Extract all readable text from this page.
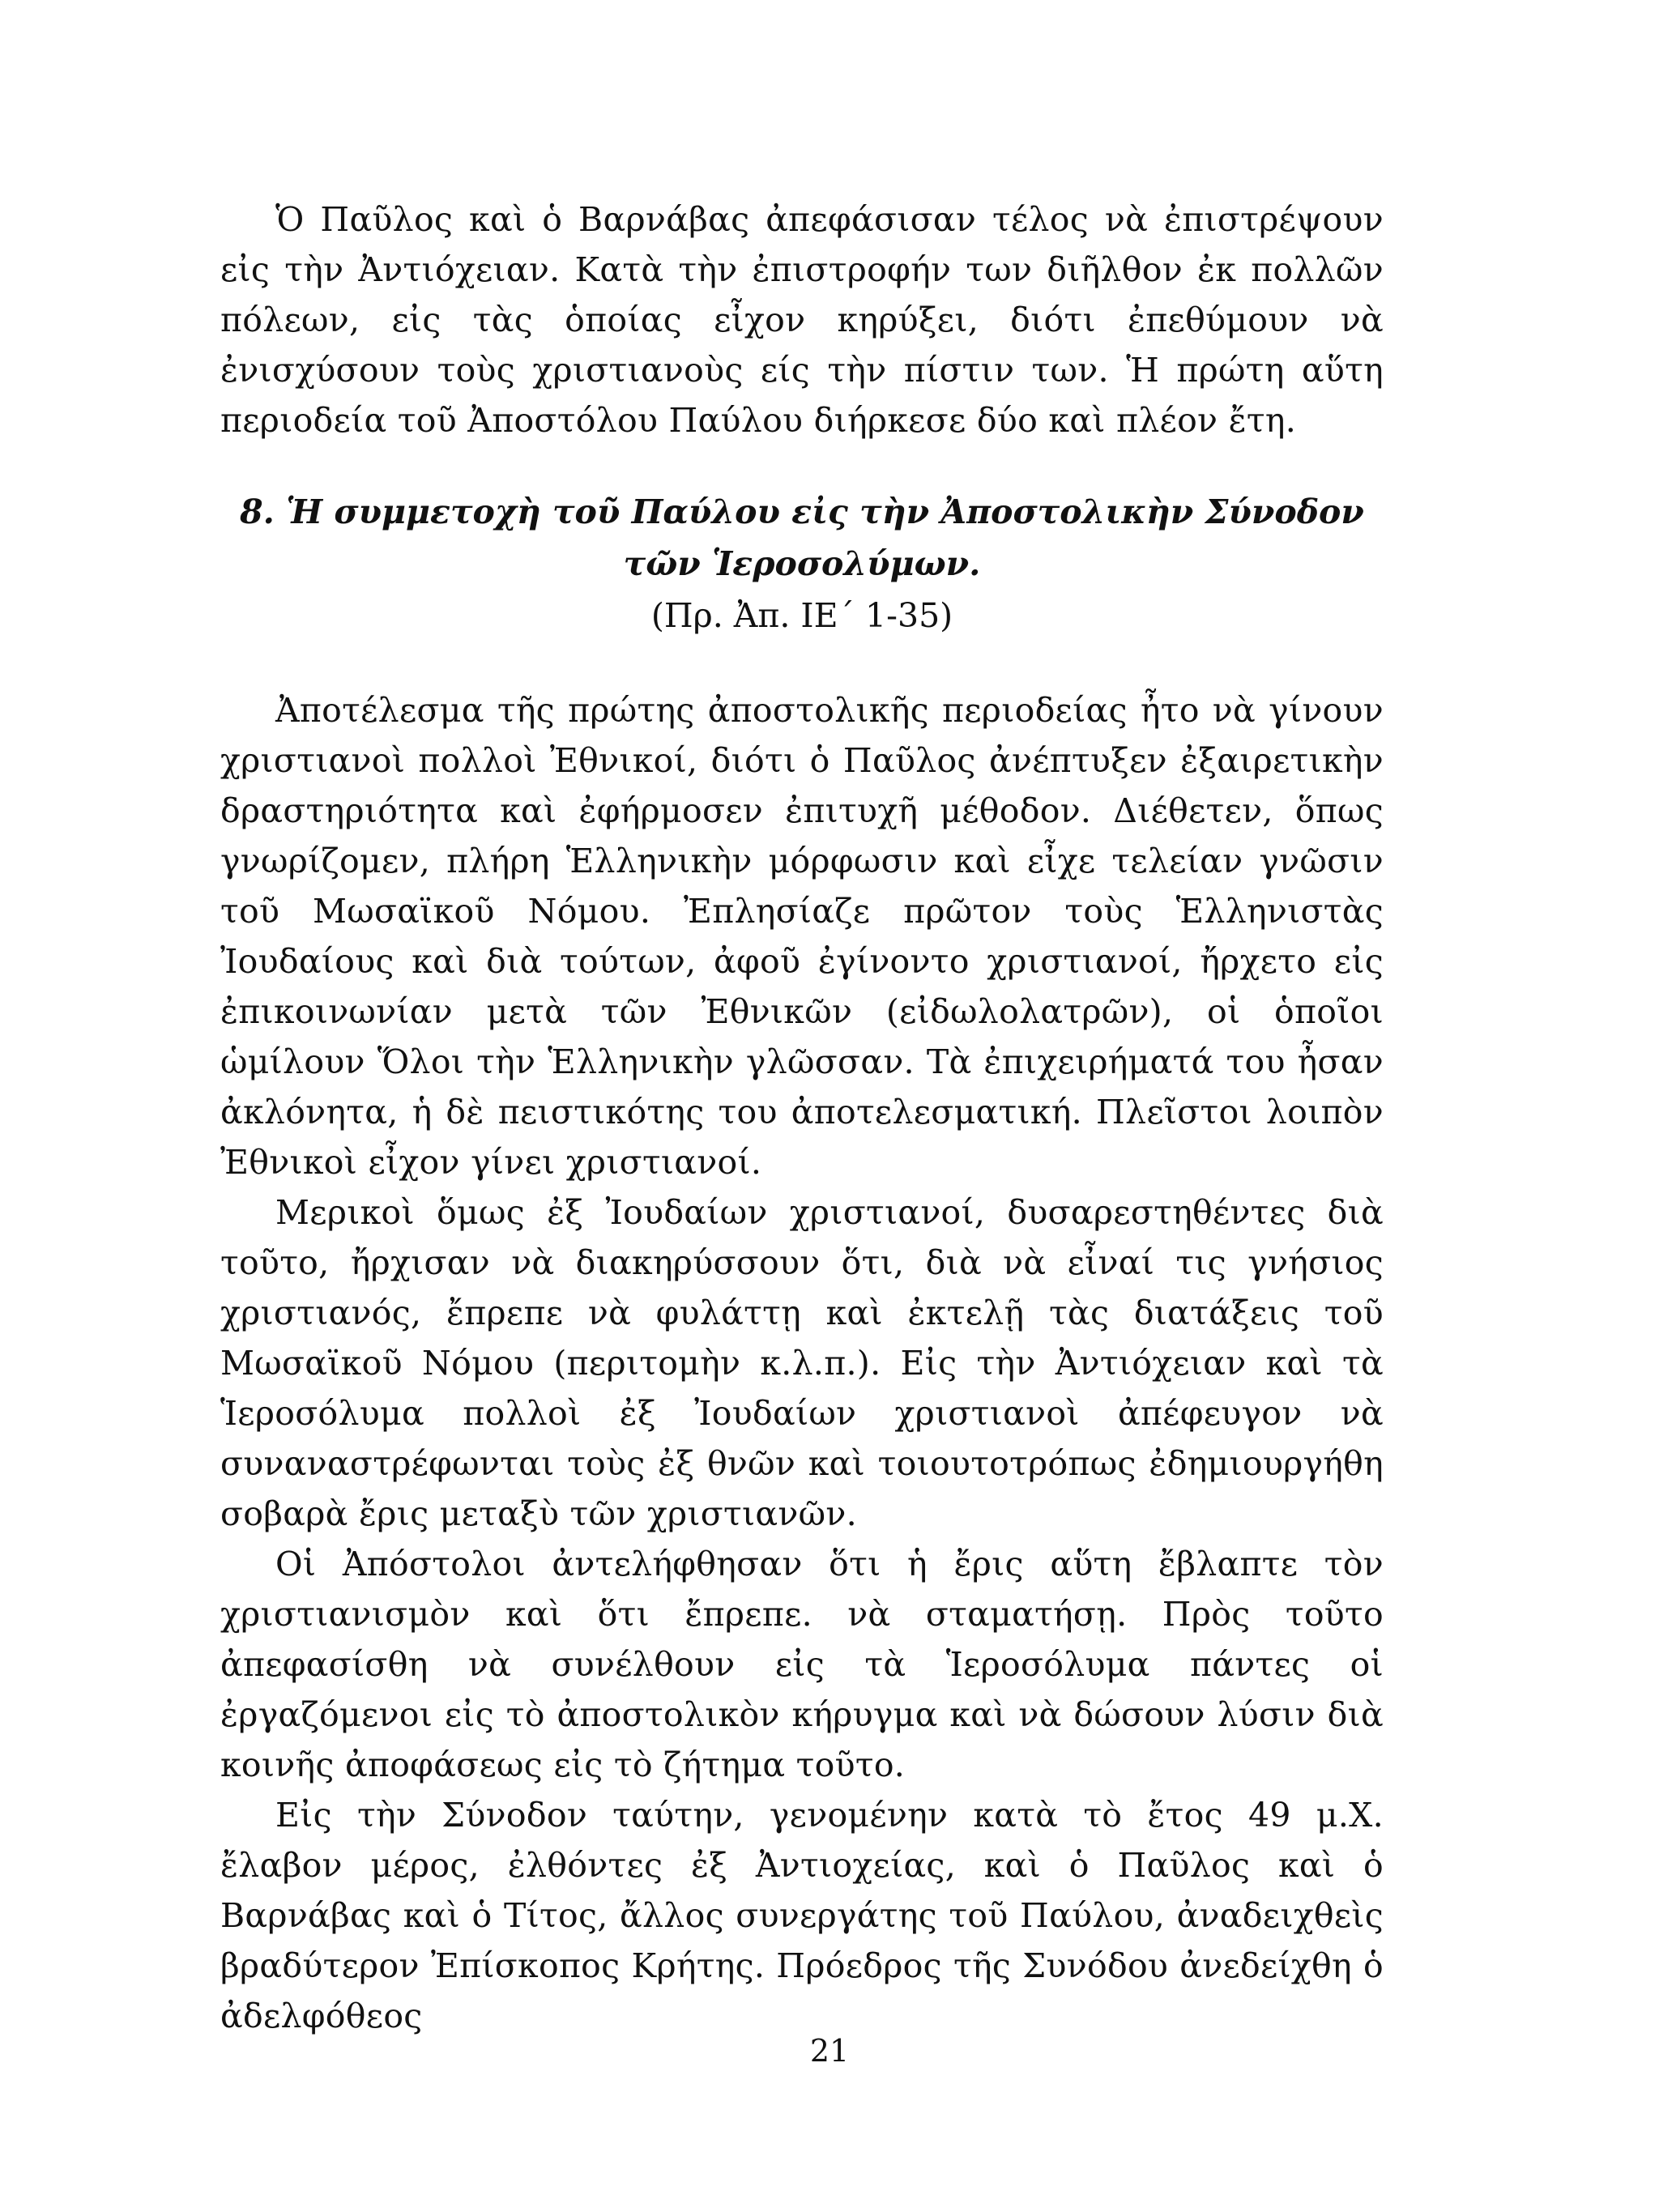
Ὁ Παῦλος καὶ ὁ Βαρνάβας ἀπεφάσισαν τέλος νὰ ἐπιστρέψουν εἰς τὴν Ἀντιόχειαν. Κατὰ τὴν ἐπιστροφήν των διῆλθον ἐκ πολλῶν πόλεων, εἰς τὰς ὁποίας εἶχον κηρύξει, διότι ἐπεθύμουν νὰ ἐνισχύσουν τοὺς χριστιανοὺς είς τὴν πίστιν των. Ἡ πρώτη αὕτη περιοδεία τοῦ Ἀποστόλου Παύλου διήρκεσε δύο καὶ πλέον ἔτη.

8. Ἡ συμμετοχὴ τοῦ Παύλου εἰς τὴν Ἀποστολικὴν Σύνοδον
τῶν Ἱεροσολύμων.
(Πρ. Ἀπ. ΙΕ΄ 1-35)

Ἀποτέλεσμα τῆς πρώτης ἀποστολικῆς περιοδείας ἦτο νὰ γίνουν χριστιανοὶ πολλοὶ Ἐθνικοί, διότι ὁ Παῦλος ἀνέπτυξεν ἐξαιρετικὴν δραστηριότητα καὶ ἐφήρμοσεν ἐπιτυχῆ μέθοδον. Διέθετεν, ὅπως γνωρίζομεν, πλήρη Ἑλληνικὴν μόρφωσιν καὶ εἶχε τελείαν γνῶσιν τοῦ Μωσαϊκοῦ Νόμου. Ἐπλησίαζε πρῶτον τοὺς Ἑλληνιστὰς Ἰουδαίους καὶ διὰ τούτων, ἀφοῦ ἐγίνοντο χριστιανοί, ἤρχετο εἰς ἐπικοινωνίαν μετὰ τῶν Ἐθνικῶν (εἰδωλολατρῶν), οἱ ὁποῖοι ὡμίλουν Ὅλοι τὴν Ἑλληνικὴν γλῶσσαν. Τὰ ἐπιχειρήματά του ἦσαν ἀκλόνητα, ἡ δὲ πειστικότης του ἀποτελεσματική. Πλεῖστοι λοιπὸν Ἐθνικοὶ εἶχον γίνει χριστιανοί.

Μερικοὶ ὅμως ἐξ Ἰουδαίων χριστιανοί, δυσαρεστηθέντες διὰ τοῦτο, ἤρχισαν νὰ διακηρύσσουν ὅτι, διὰ νὰ εἶναί τις γνήσιος χριστιανός, ἔπρεπε νὰ φυλάττῃ καὶ ἐκτελῇ τὰς διατάξεις τοῦ Μωσαϊκοῦ Νόμου (περιτομὴν κ.λ.π.). Εἰς τὴν Ἀντιόχειαν καὶ τὰ Ἱεροσόλυμα πολλοὶ ἐξ Ἰουδαίων χριστιανοὶ ἀπέφευγον νὰ συναναστρέφωνται τοὺς ἐξ θνῶν καὶ τοιουτοτρόπως ἐδημιουργήθη σοβαρὰ ἔρις μεταξὺ τῶν χριστιανῶν.

Οἱ Ἀπόστολοι ἀντελήφθησαν ὅτι ἡ ἔρις αὕτη ἔβλαπτε τὸν χριστιανισμὸν καὶ ὅτι ἔπρεπε. νὰ σταματήσῃ. Πρὸς τοῦτο ἀπεφασίσθη νὰ συνέλθουν εἰς τὰ Ἱεροσόλυμα πάντες οἱ ἐργαζόμενοι εἰς τὸ ἀποστολικὸν κήρυγμα καὶ νὰ δώσουν λύσιν διὰ κοινῆς ἀποφάσεως εἰς τὸ ζήτημα τοῦτο.

Εἰς τὴν Σύνοδον ταύτην, γενομένην κατὰ τὸ ἔτος 49 μ.Χ. ἔλαβον μέρος, ἐλθόντες ἐξ Ἀντιοχείας, καὶ ὁ Παῦλος καὶ ὁ Βαρνάβας καὶ ὁ Τίτος, ἄλλος συνεργάτης τοῦ Παύλου, ἀναδειχθεὶς βραδύτερον Ἐπίσκοπος Κρήτης. Πρόεδρος τῆς Συνόδου ἀνεδείχθη ὁ ἀδελφόθεος

21
